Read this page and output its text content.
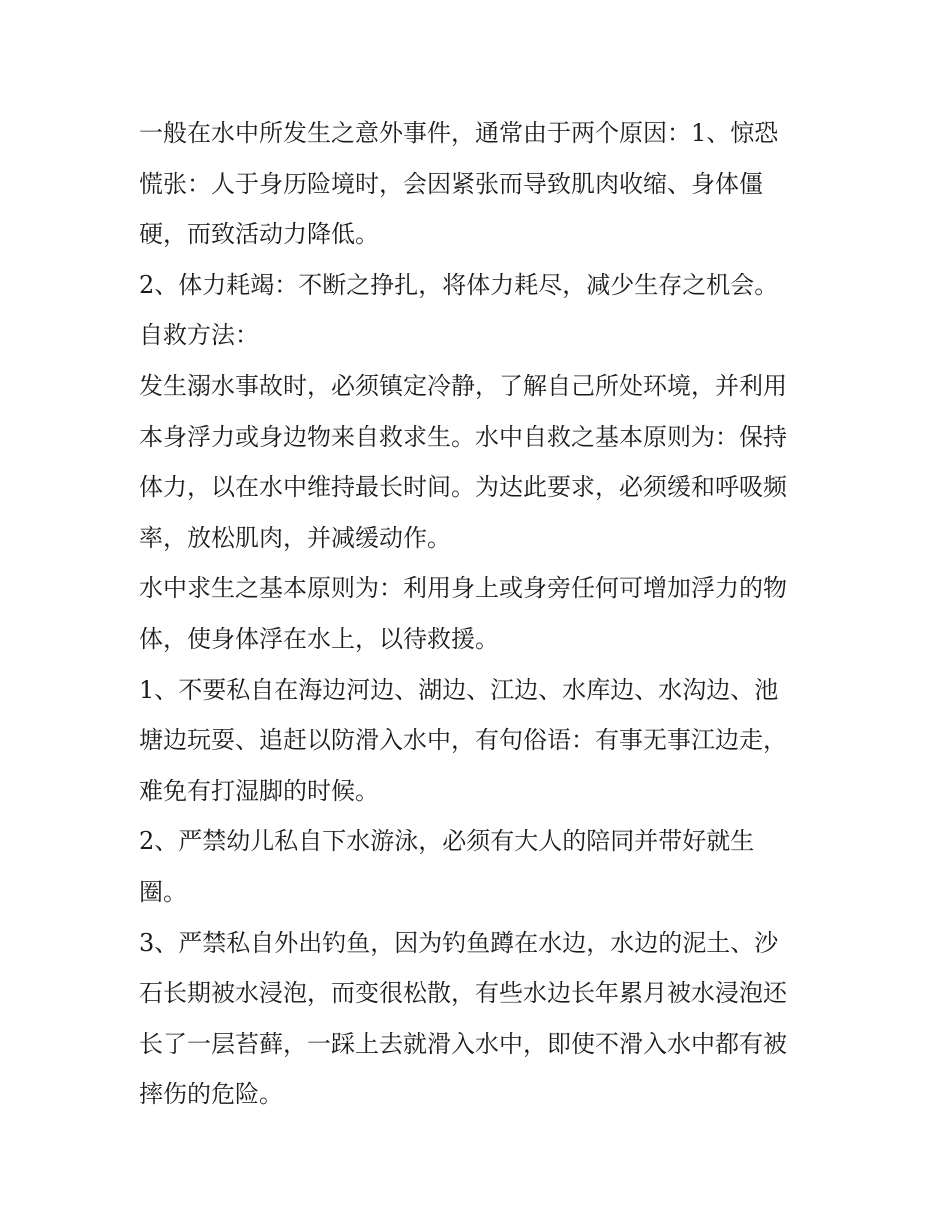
一般在水中所发生之意外事件，通常由于两个原因：1、惊恐
慌张：人于身历险境时，会因紧张而导致肌肉收缩、身体僵
硬，而致活动力降低。
2、体力耗竭：不断之挣扎，将体力耗尽，减少生存之机会。
自救方法：
发生溺水事故时，必须镇定冷静，了解自己所处环境，并利用
本身浮力或身边物来自救求生。水中自救之基本原则为：保持
体力，以在水中维持最长时间。为达此要求，必须缓和呼吸频
率，放松肌肉，并减缓动作。
水中求生之基本原则为：利用身上或身旁任何可增加浮力的物
体，使身体浮在水上，以待救援。
1、不要私自在海边河边、湖边、江边、水库边、水沟边、池
塘边玩耍、追赶以防滑入水中，有句俗语：有事无事江边走，
难免有打湿脚的时候。
2、严禁幼儿私自下水游泳，必须有大人的陪同并带好就生
圈。
3、严禁私自外出钓鱼，因为钓鱼蹲在水边，水边的泥土、沙
石长期被水浸泡，而变很松散，有些水边长年累月被水浸泡还
长了一层苔藓，一踩上去就滑入水中，即使不滑入水中都有被
摔伤的危险。
